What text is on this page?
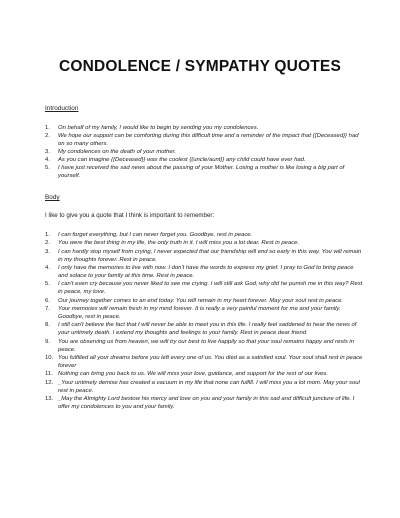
CONDOLENCE / SYMPATHY QUOTES

Introduction

1.	On behalf of my family, I would like to begin by sending you my condolences.
2.	We hope our support can be comforting during this difficult time and a reminder of the impact that {{Deceased}} had on so many others.
3.	My condolences on the death of your mother.
4.	As you can imagine {{Deceased}} was the coolest {{uncle/aunt}} any child could have ever had.
5.	I have just received the sad news about the passing of your Mother. Losing a mother is like losing a big part of yourself.

Body

I like to give you a quote that I think is important to remember:

1.	I can forget everything, but I can never forget you. Goodbye, rest in peace.
2.	You were the best thing in my life, the only truth in it. I will miss you a lot dear. Rest in peace.
3.	I can hardly stop myself from crying, I never expected that our friendship will end so early in this way. You will remain in my thoughts forever. Rest in peace.
4.	I only have the memories to live with now. I don't have the words to express my grief. I pray to God to bring peace and solace to your family at this time. Rest in peace.
5.	I can't even cry because you never liked to see me crying. I will still ask God, why did he punish me in this way? Rest in peace, my love.
6.	Our journey together comes to an end today. You will remain in my heart forever. May your soul rest in peace.
7.	Your memories will remain fresh in my mind forever. It is really a very painful moment for me and your family. Goodbye, rest in peace.
8.	I still can't believe the fact that I will never be able to meet you in this life. I really feel saddened to hear the news of your untimely death. I extend my thoughts and feelings to your family. Rest in peace dear friend.
9.	You are observing us from heaven, we will try our best to live happily so that your soul remains happy and rests in peace.
10. You fulfilled all your dreams before you left every one of us. You died as a satisfied soul. Your soul shall rest in peace forever
11. Nothing can bring you back to us. We will miss your love, guidance, and support for the rest of our lives.
12. _Your untimely demise has created a vacuum in my life that none can fulfill. I will miss you a lot mom. May your soul rest in peace.
13. _May the Almighty Lord bestow his mercy and love on you and your family in this sad and difficult juncture of life. I offer my condolences to you and your family.
